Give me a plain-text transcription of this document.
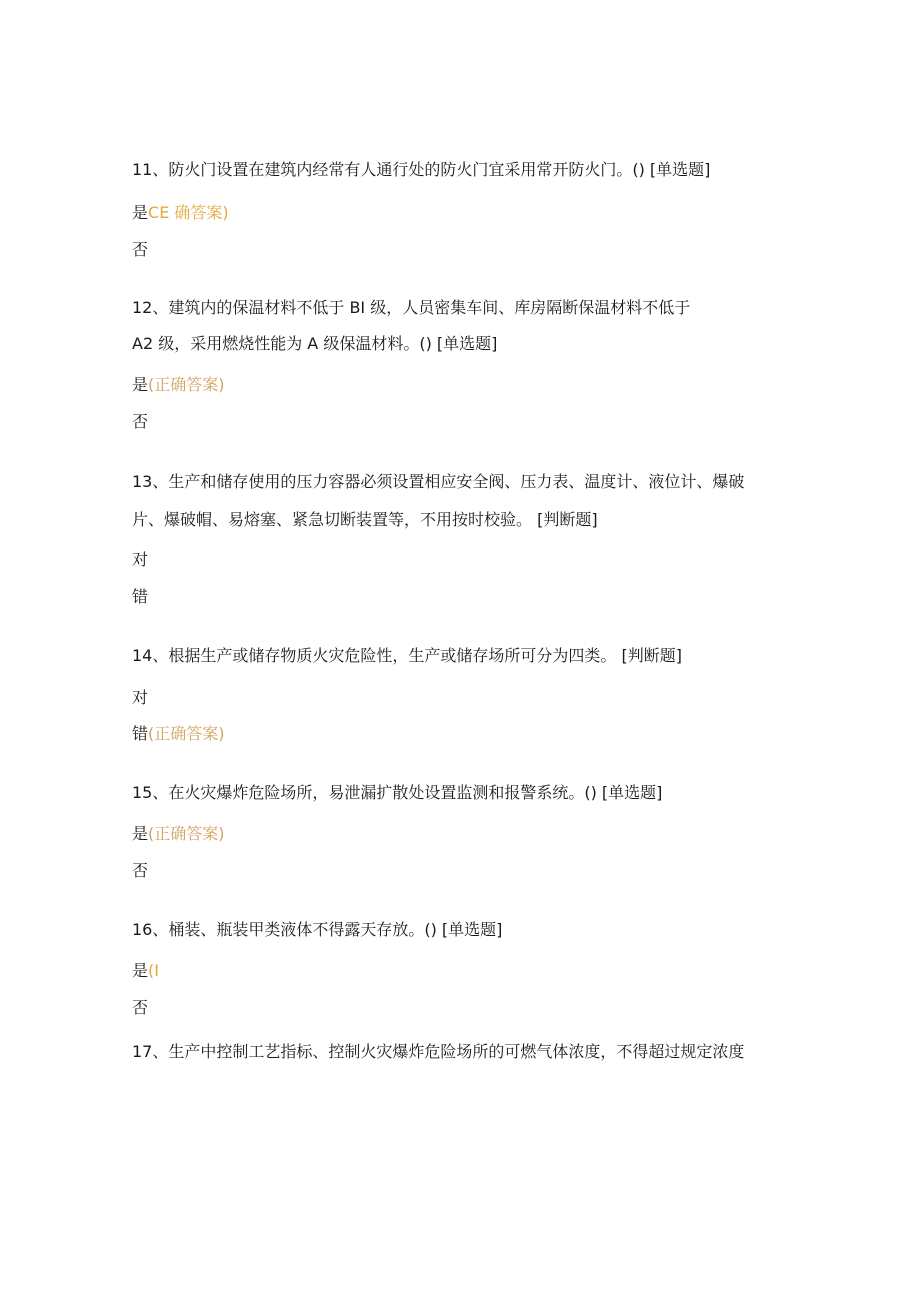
11、防火门设置在建筑内经常有人通行处的防火门宜采用常开防火门。() [单选题]
是CE 确答案)
否
12、建筑内的保温材料不低于 BI 级，人员密集车间、库房隔断保温材料不低于
A2 级，采用燃烧性能为 A 级保温材料。() [单选题]
是(正确答案)
否
13、生产和储存使用的压力容器必须设置相应安全阀、压力表、温度计、液位计、爆破
片、爆破帽、易熔塞、紧急切断装置等，不用按时校验。 [判断题]
对
错
14、根据生产或储存物质火灾危险性，生产或储存场所可分为四类。 [判断题]
对
错(正确答案)
15、在火灾爆炸危险场所，易泄漏扩散处设置监测和报警系统。() [单选题]
是(正确答案)
否
16、桶装、瓶装甲类液体不得露天存放。() [单选题]
是(I
否
17、生产中控制工艺指标、控制火灾爆炸危险场所的可燃气体浓度，不得超过规定浓度
